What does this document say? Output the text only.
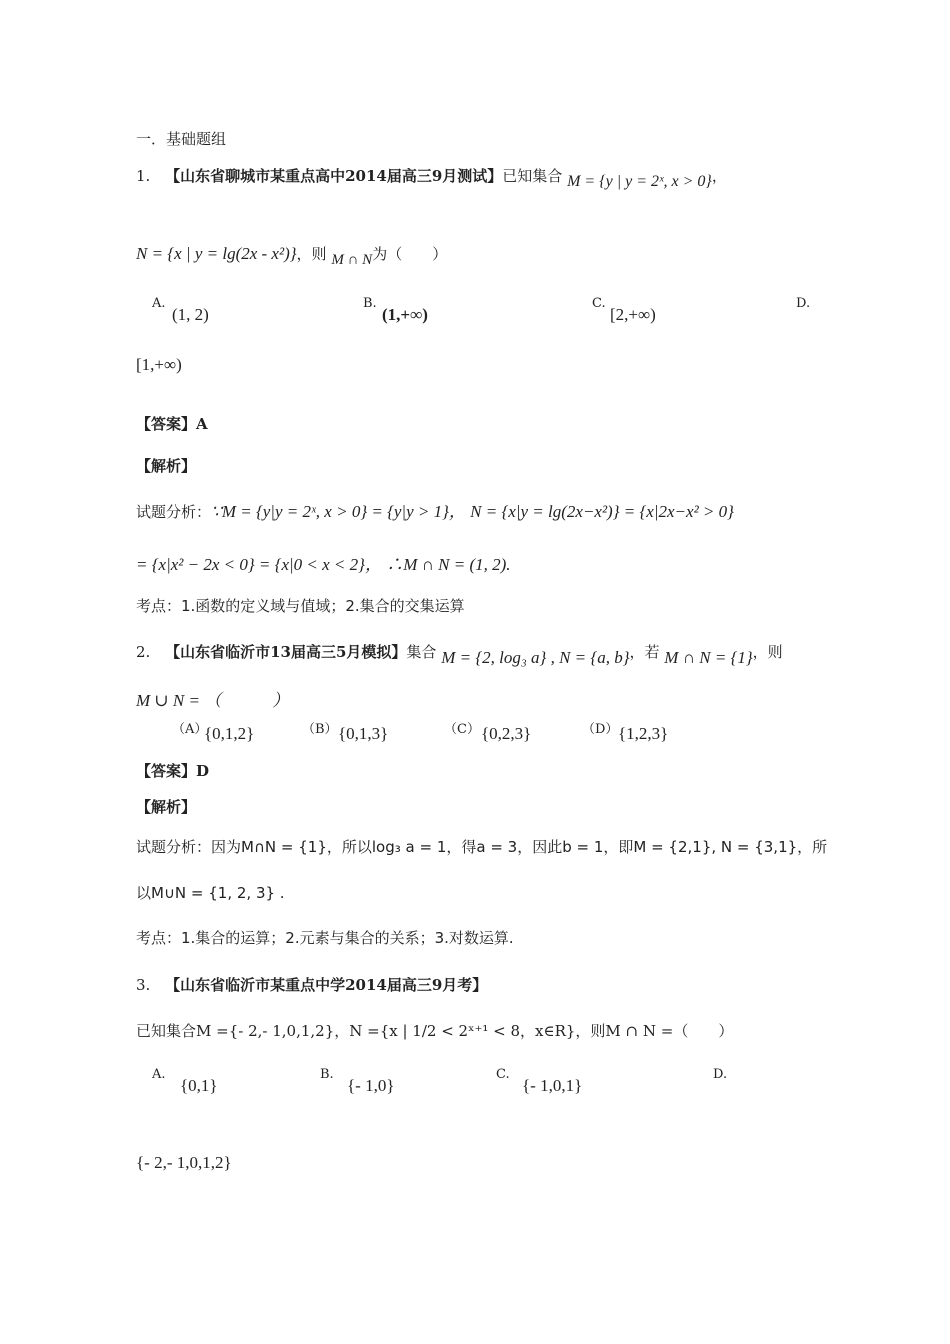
一．基础题组
1. 【山东省聊城市某重点高中2014届高三9月测试】已知集合 M = {y | y = 2ˣ, x > 0}，
N = {x | y = lg(2x - x²)}，则 M ∩ N为（　　）
A.
(1, 2)
B.
(1,+∞)
C.
[2,+∞)
D.
[1,+∞)
【答案】A
【解析】
试题分析：∵M = {y|y = 2ˣ, x > 0} = {y|y > 1}， N = {x|y = lg(2x−x²)} = {x|2x−x² > 0}
= {x|x² − 2x < 0} = {x|0 < x < 2}， ∴M ∩ N = (1, 2).
考点：1.函数的定义域与值域；2.集合的交集运算
2. 【山东省临沂市13届高三5月模拟】集合 M = {2, log₃ a} , N = {a, b}，若 M ∩ N = {1}，则
M ∪ N = （　　　）
（A）
{0,1,2}	（B） {0,1,3}	（C） {0,2,3}	（D） {1,2,3}
【答案】D
【解析】
试题分析：因为M∩N = {1}，所以log₃ a = 1，得a = 3，因此b = 1，即M = {2,1}, N = {3,1}，所
以M∪N = {1, 2, 3} .
考点：1.集合的运算；2.元素与集合的关系；3.对数运算.
3. 【山东省临沂市某重点中学2014届高三9月考】
已知集合M ={- 2,- 1,0,1,2}，N ={x | 1/2 < 2ˣ⁺¹ < 8，x∈R}，则M ∩ N =（　　）
A.
{0,1}
B.
{- 1,0}
C.
{- 1,0,1}
D.
{- 2,- 1,0,1,2}
